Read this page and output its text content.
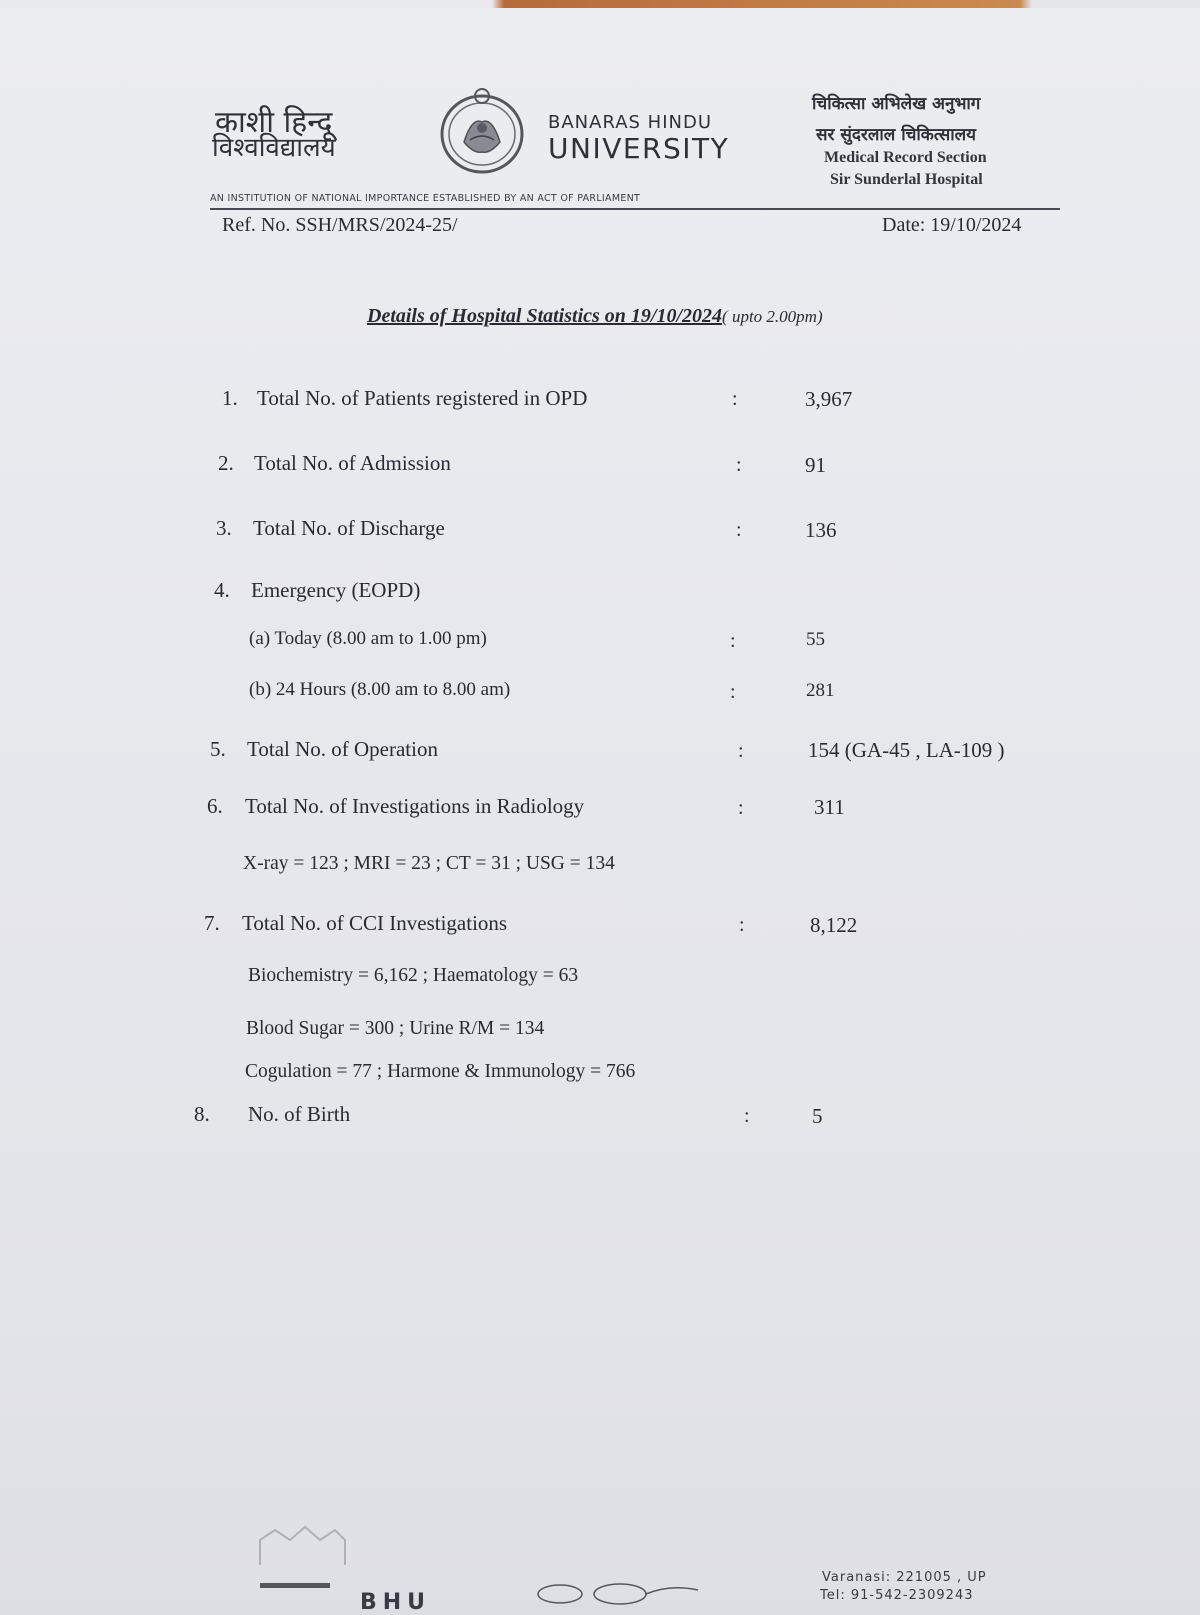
काशी हिन्दू
विश्वविद्यालय
BANARAS HINDU
UNIVERSITY
चिकित्सा अभिलेख अनुभाग
सर सुंदरलाल चिकित्सालय
Medical Record Section
Sir Sunderlal Hospital
AN INSTITUTION OF NATIONAL IMPORTANCE ESTABLISHED BY AN ACT OF PARLIAMENT
Ref. No. SSH/MRS/2024-25/	Date: 19/10/2024
Details of Hospital Statistics on 19/10/2024( upto 2.00pm)
1. Total No. of Patients registered in OPD	:	3,967
2. Total No. of Admission	:	91
3. Total No. of Discharge	:	136
4. Emergency (EOPD)
(a) Today (8.00 am to 1.00 pm)	:	55
(b) 24 Hours (8.00 am to 8.00 am)	:	281
5. Total No. of Operation	:	154 (GA-45 , LA-109 )
6. Total No. of Investigations in Radiology	:	311
X-ray = 123 ; MRI = 23 ; CT = 31 ; USG = 134
7. Total No. of CCI Investigations	:	8,122
Biochemistry = 6,162 ; Haematology = 63
Blood Sugar = 300 ; Urine R/M = 134
Cogulation = 77 ; Harmone & Immunology = 766
8. No. of Birth	:	5
BHU
Varanasi: 221005 , UP
Tel: 91-542-2309243
